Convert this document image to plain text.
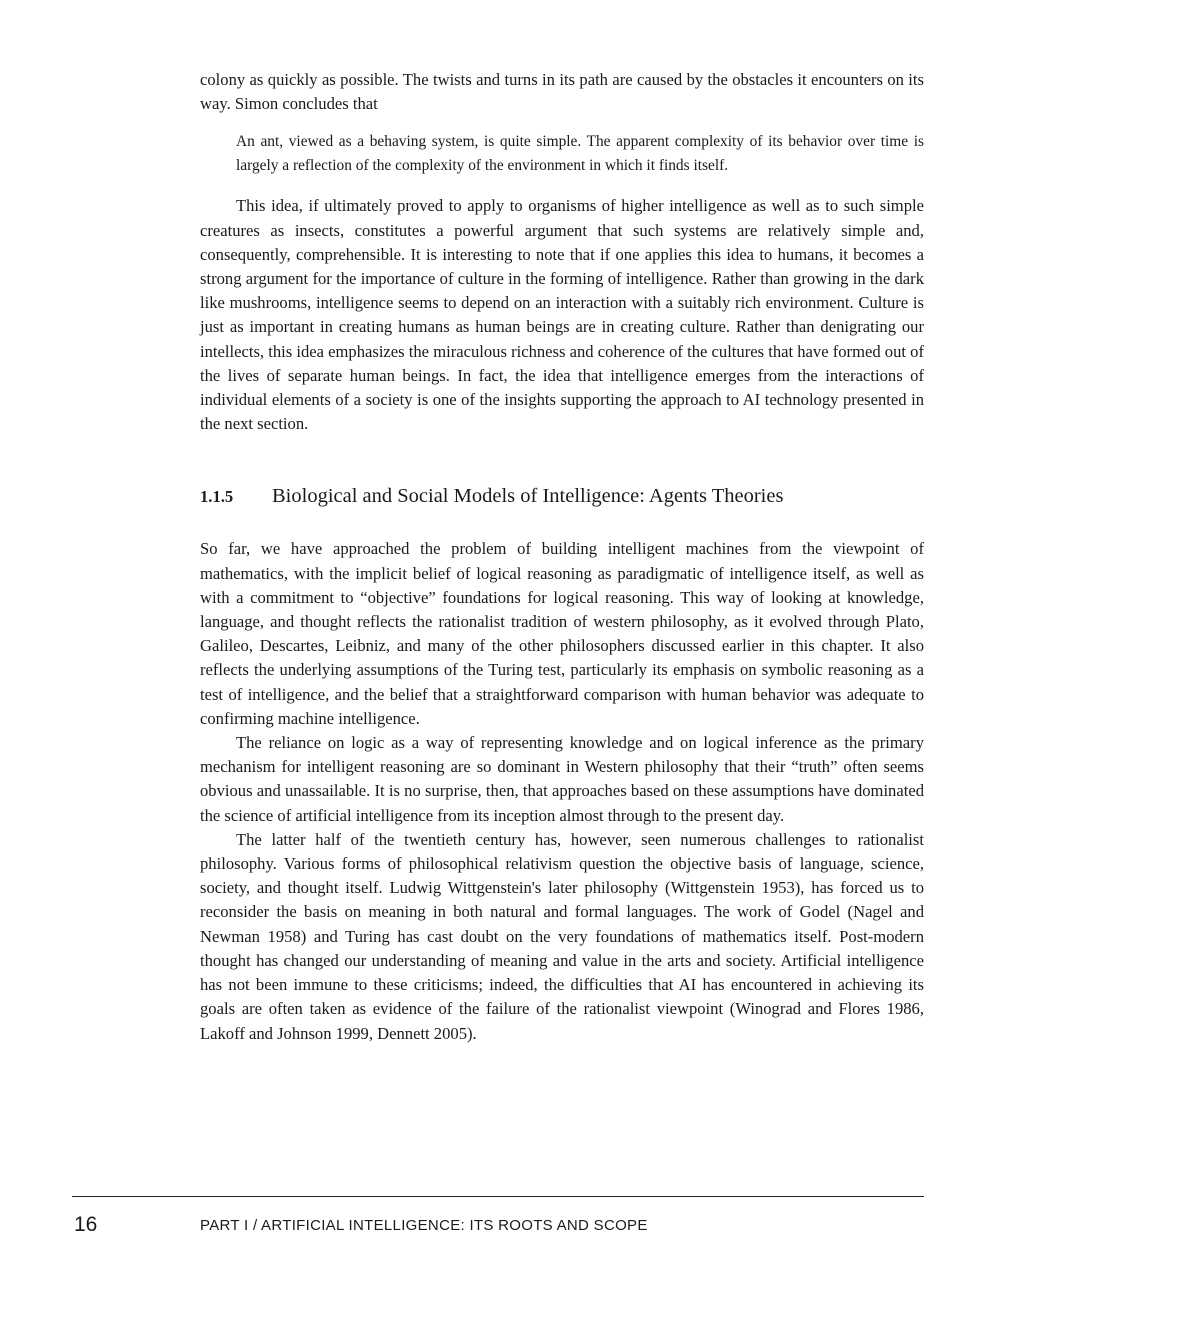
colony as quickly as possible. The twists and turns in its path are caused by the obstacles it encounters on its way. Simon concludes that

An ant, viewed as a behaving system, is quite simple. The apparent complexity of its behavior over time is largely a reflection of the complexity of the environment in which it finds itself.

This idea, if ultimately proved to apply to organisms of higher intelligence as well as to such simple creatures as insects, constitutes a powerful argument that such systems are relatively simple and, consequently, comprehensible. It is interesting to note that if one applies this idea to humans, it becomes a strong argument for the importance of culture in the forming of intelligence. Rather than growing in the dark like mushrooms, intelligence seems to depend on an interaction with a suitably rich environment. Culture is just as important in creating humans as human beings are in creating culture. Rather than denigrating our intellects, this idea emphasizes the miraculous richness and coherence of the cultures that have formed out of the lives of separate human beings. In fact, the idea that intelligence emerges from the interactions of individual elements of a society is one of the insights supporting the approach to AI technology presented in the next section.

1.1.5	Biological and Social Models of Intelligence: Agents Theories

So far, we have approached the problem of building intelligent machines from the viewpoint of mathematics, with the implicit belief of logical reasoning as paradigmatic of intelligence itself, as well as with a commitment to “objective” foundations for logical reasoning. This way of looking at knowledge, language, and thought reflects the rationalist tradition of western philosophy, as it evolved through Plato, Galileo, Descartes, Leibniz, and many of the other philosophers discussed earlier in this chapter. It also reflects the underlying assumptions of the Turing test, particularly its emphasis on symbolic reasoning as a test of intelligence, and the belief that a straightforward comparison with human behavior was adequate to confirming machine intelligence.

The reliance on logic as a way of representing knowledge and on logical inference as the primary mechanism for intelligent reasoning are so dominant in Western philosophy that their “truth” often seems obvious and unassailable. It is no surprise, then, that approaches based on these assumptions have dominated the science of artificial intelligence from its inception almost through to the present day.

The latter half of the twentieth century has, however, seen numerous challenges to rationalist philosophy. Various forms of philosophical relativism question the objective basis of language, science, society, and thought itself. Ludwig Wittgenstein's later philosophy (Wittgenstein 1953), has forced us to reconsider the basis on meaning in both natural and formal languages. The work of Godel (Nagel and Newman 1958) and Turing has cast doubt on the very foundations of mathematics itself. Post-modern thought has changed our understanding of meaning and value in the arts and society. Artificial intelligence has not been immune to these criticisms; indeed, the difficulties that AI has encountered in achieving its goals are often taken as evidence of the failure of the rationalist viewpoint (Winograd and Flores 1986, Lakoff and Johnson 1999, Dennett 2005).

16	PART I / ARTIFICIAL INTELLIGENCE: ITS ROOTS AND SCOPE
